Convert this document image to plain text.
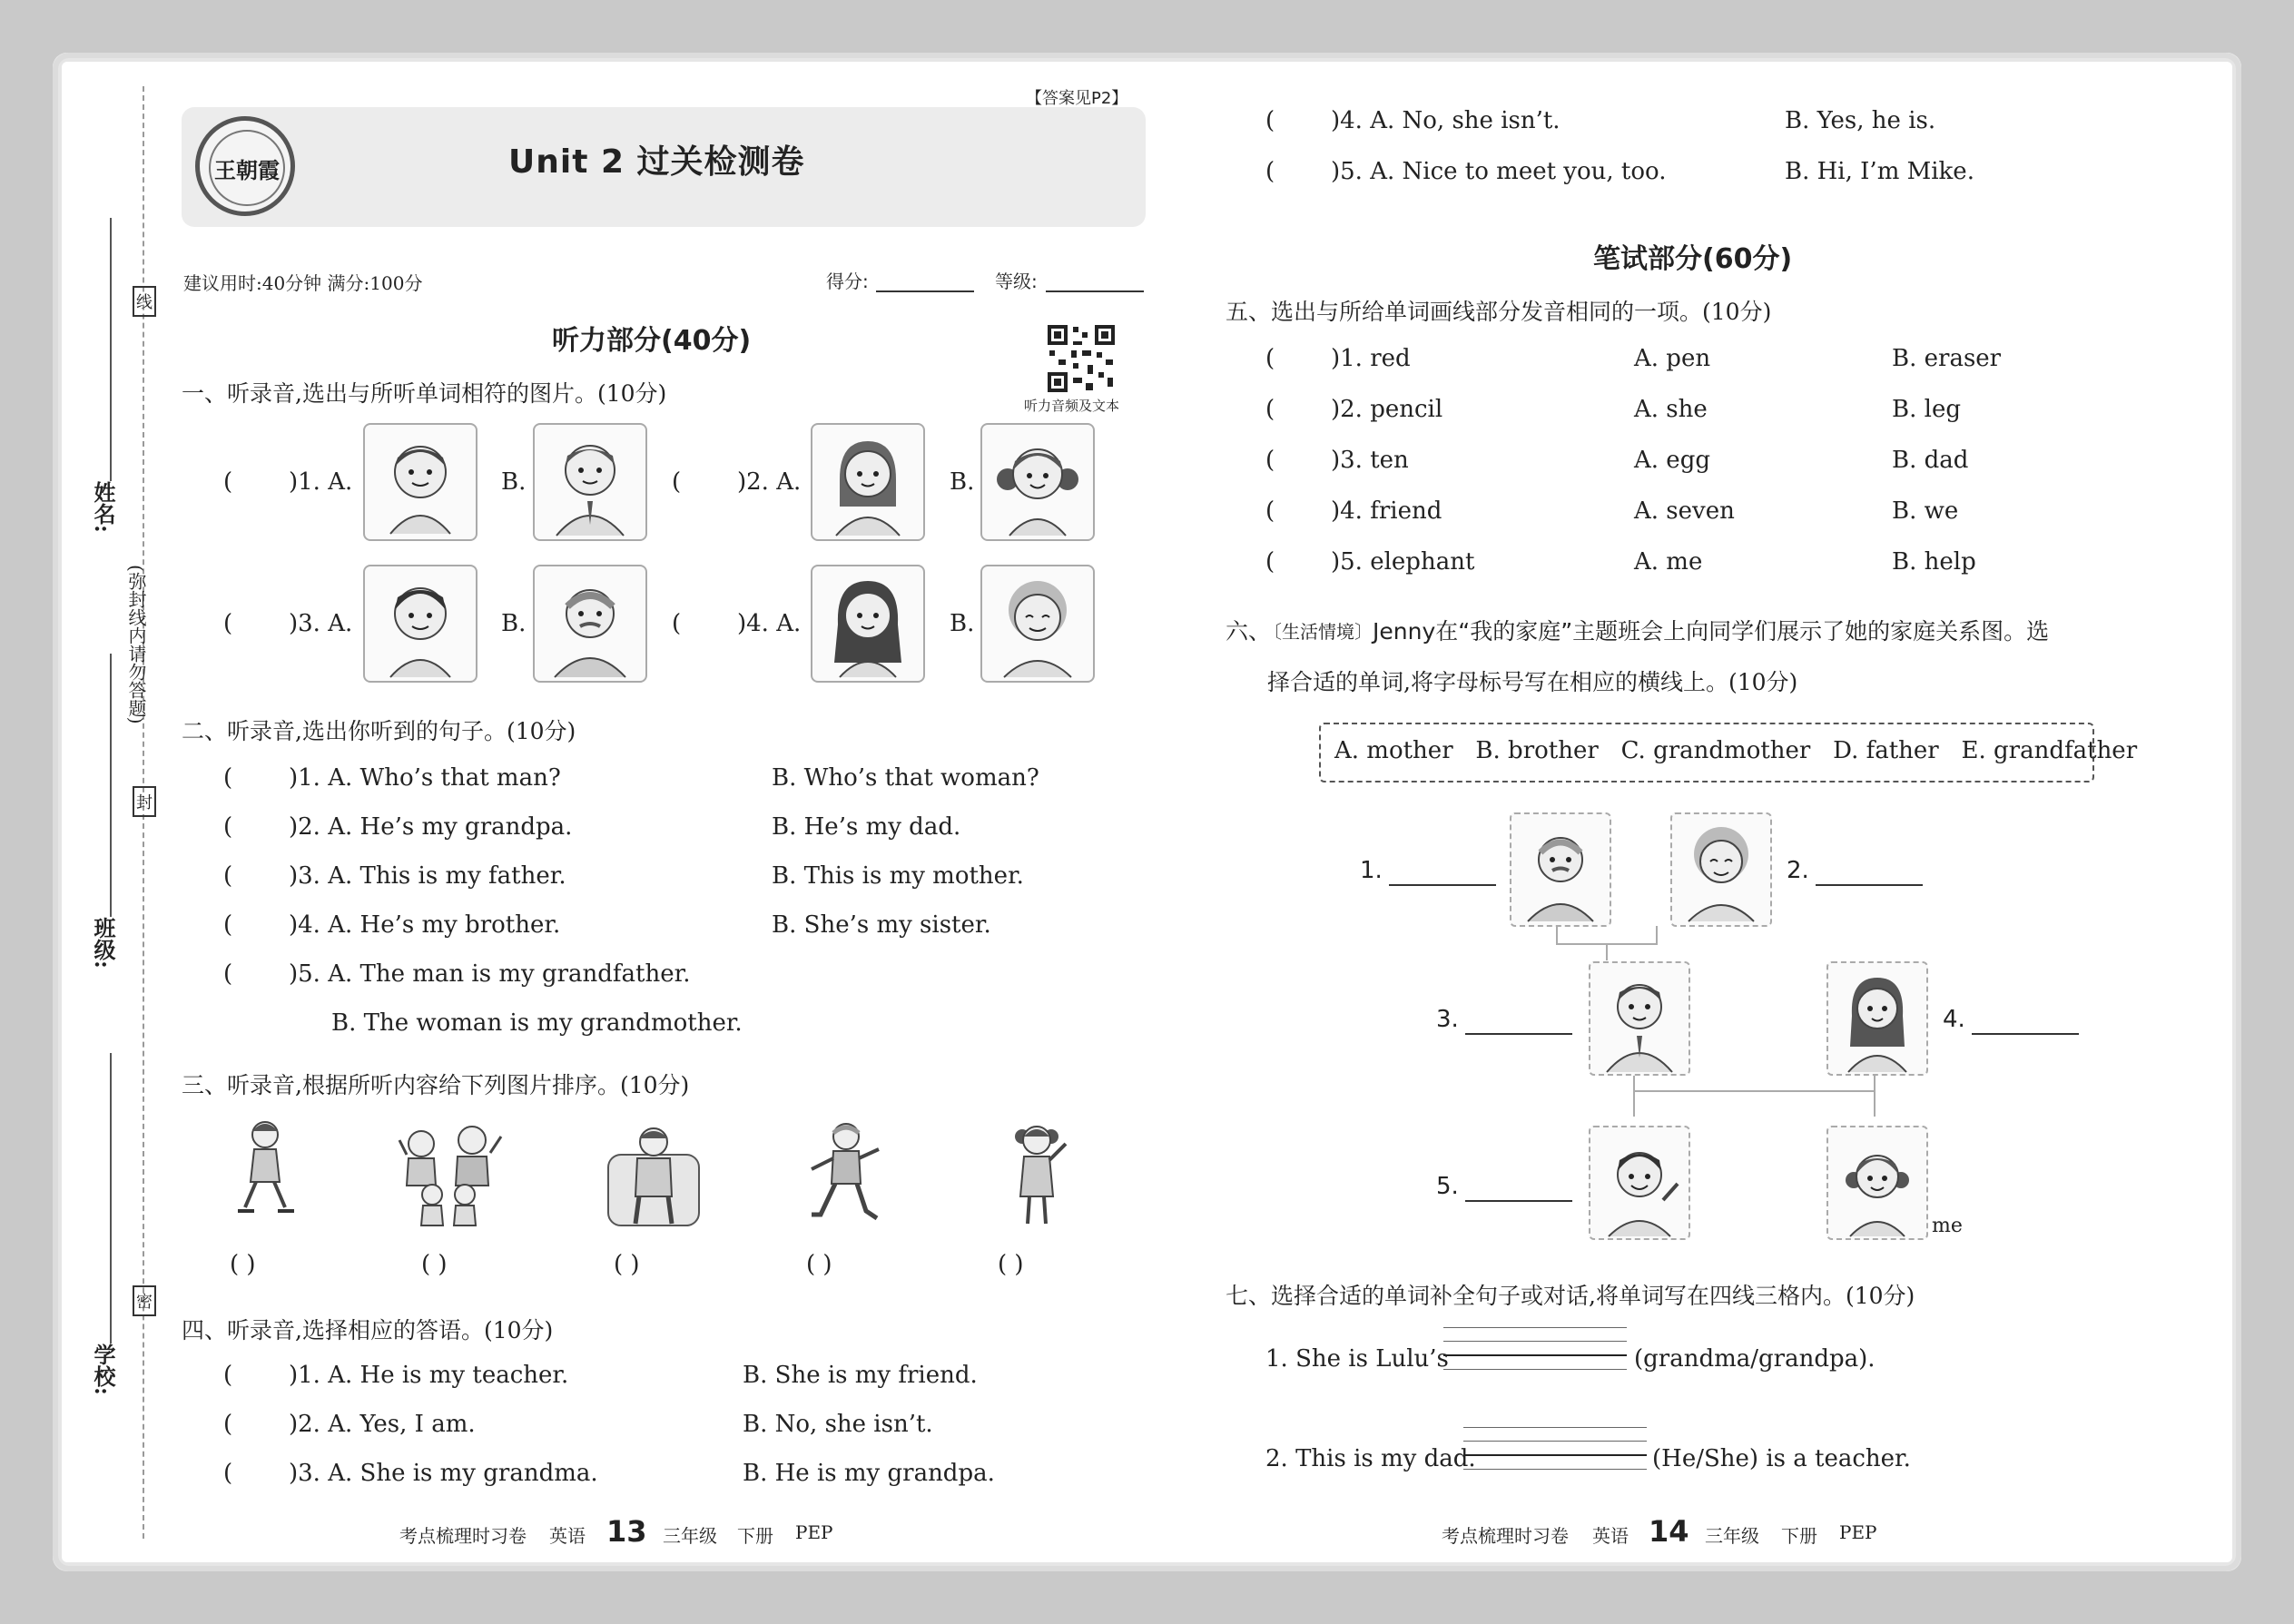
线
封
密
(弥封线内请勿答题)
姓名:
班级:
学校:
【答案见P2】
王朝霞	Unit 2 过关检测卷
建议用时:40分钟 满分:100分	得分:	等级:
听力部分(40分)
听力音频及文本
一、听录音,选出与所听单词相符的图片。(10分)
( )1. A.	B.	( )2. A.	B.
( )3. A.	B.	( )4. A.	B.
二、听录音,选出你听到的句子。(10分)
( )1. A. Who’s that man?	B. Who’s that woman?
( )2. A. He’s my grandpa.	B. He’s my dad.
( )3. A. This is my father.	B. This is my mother.
( )4. A. He’s my brother.	B. She’s my sister.
( )5. A. The man is my grandfather.
B. The woman is my grandmother.
三、听录音,根据所听内容给下列图片排序。(10分)
( )	( )	( )	( )	( )
四、听录音,选择相应的答语。(10分)
( )1. A. He is my teacher.	B. She is my friend.
( )2. A. Yes, I am.	B. No, she isn’t.
( )3. A. She is my grandma.	B. He is my grandpa.
考点梳理时习卷 英语 13 三年级 下册 PEP
( )4. A. No, she isn’t.	B. Yes, he is.
( )5. A. Nice to meet you, too.	B. Hi, I’m Mike.
笔试部分(60分)
五、选出与所给单词画线部分发音相同的一项。(10分)
( )1. red	A. pen	B. eraser
( )2. pencil	A. she	B. leg
( )3. ten	A. egg	B. dad
( )4. friend	A. seven	B. we
( )5. elephant	A. me	B. help
六、
〔生活情境〕 Jenny在“我的家庭”主题班会上向同学们展示了她的家庭关系图。选
择合适的单词,将字母标号写在相应的横线上。(10分)
A. mother   B. brother   C. grandmother   D. father   E. grandfather
me
1.	2.
3.	4.
5.
七、选择合适的单词补全句子或对话,将单词写在四线三格内。(10分)
1. She is Lulu’s	(grandma/grandpa).
2. This is my dad.	(He/She) is a teacher.
考点梳理时习卷 英语 14 三年级 下册 PEP
